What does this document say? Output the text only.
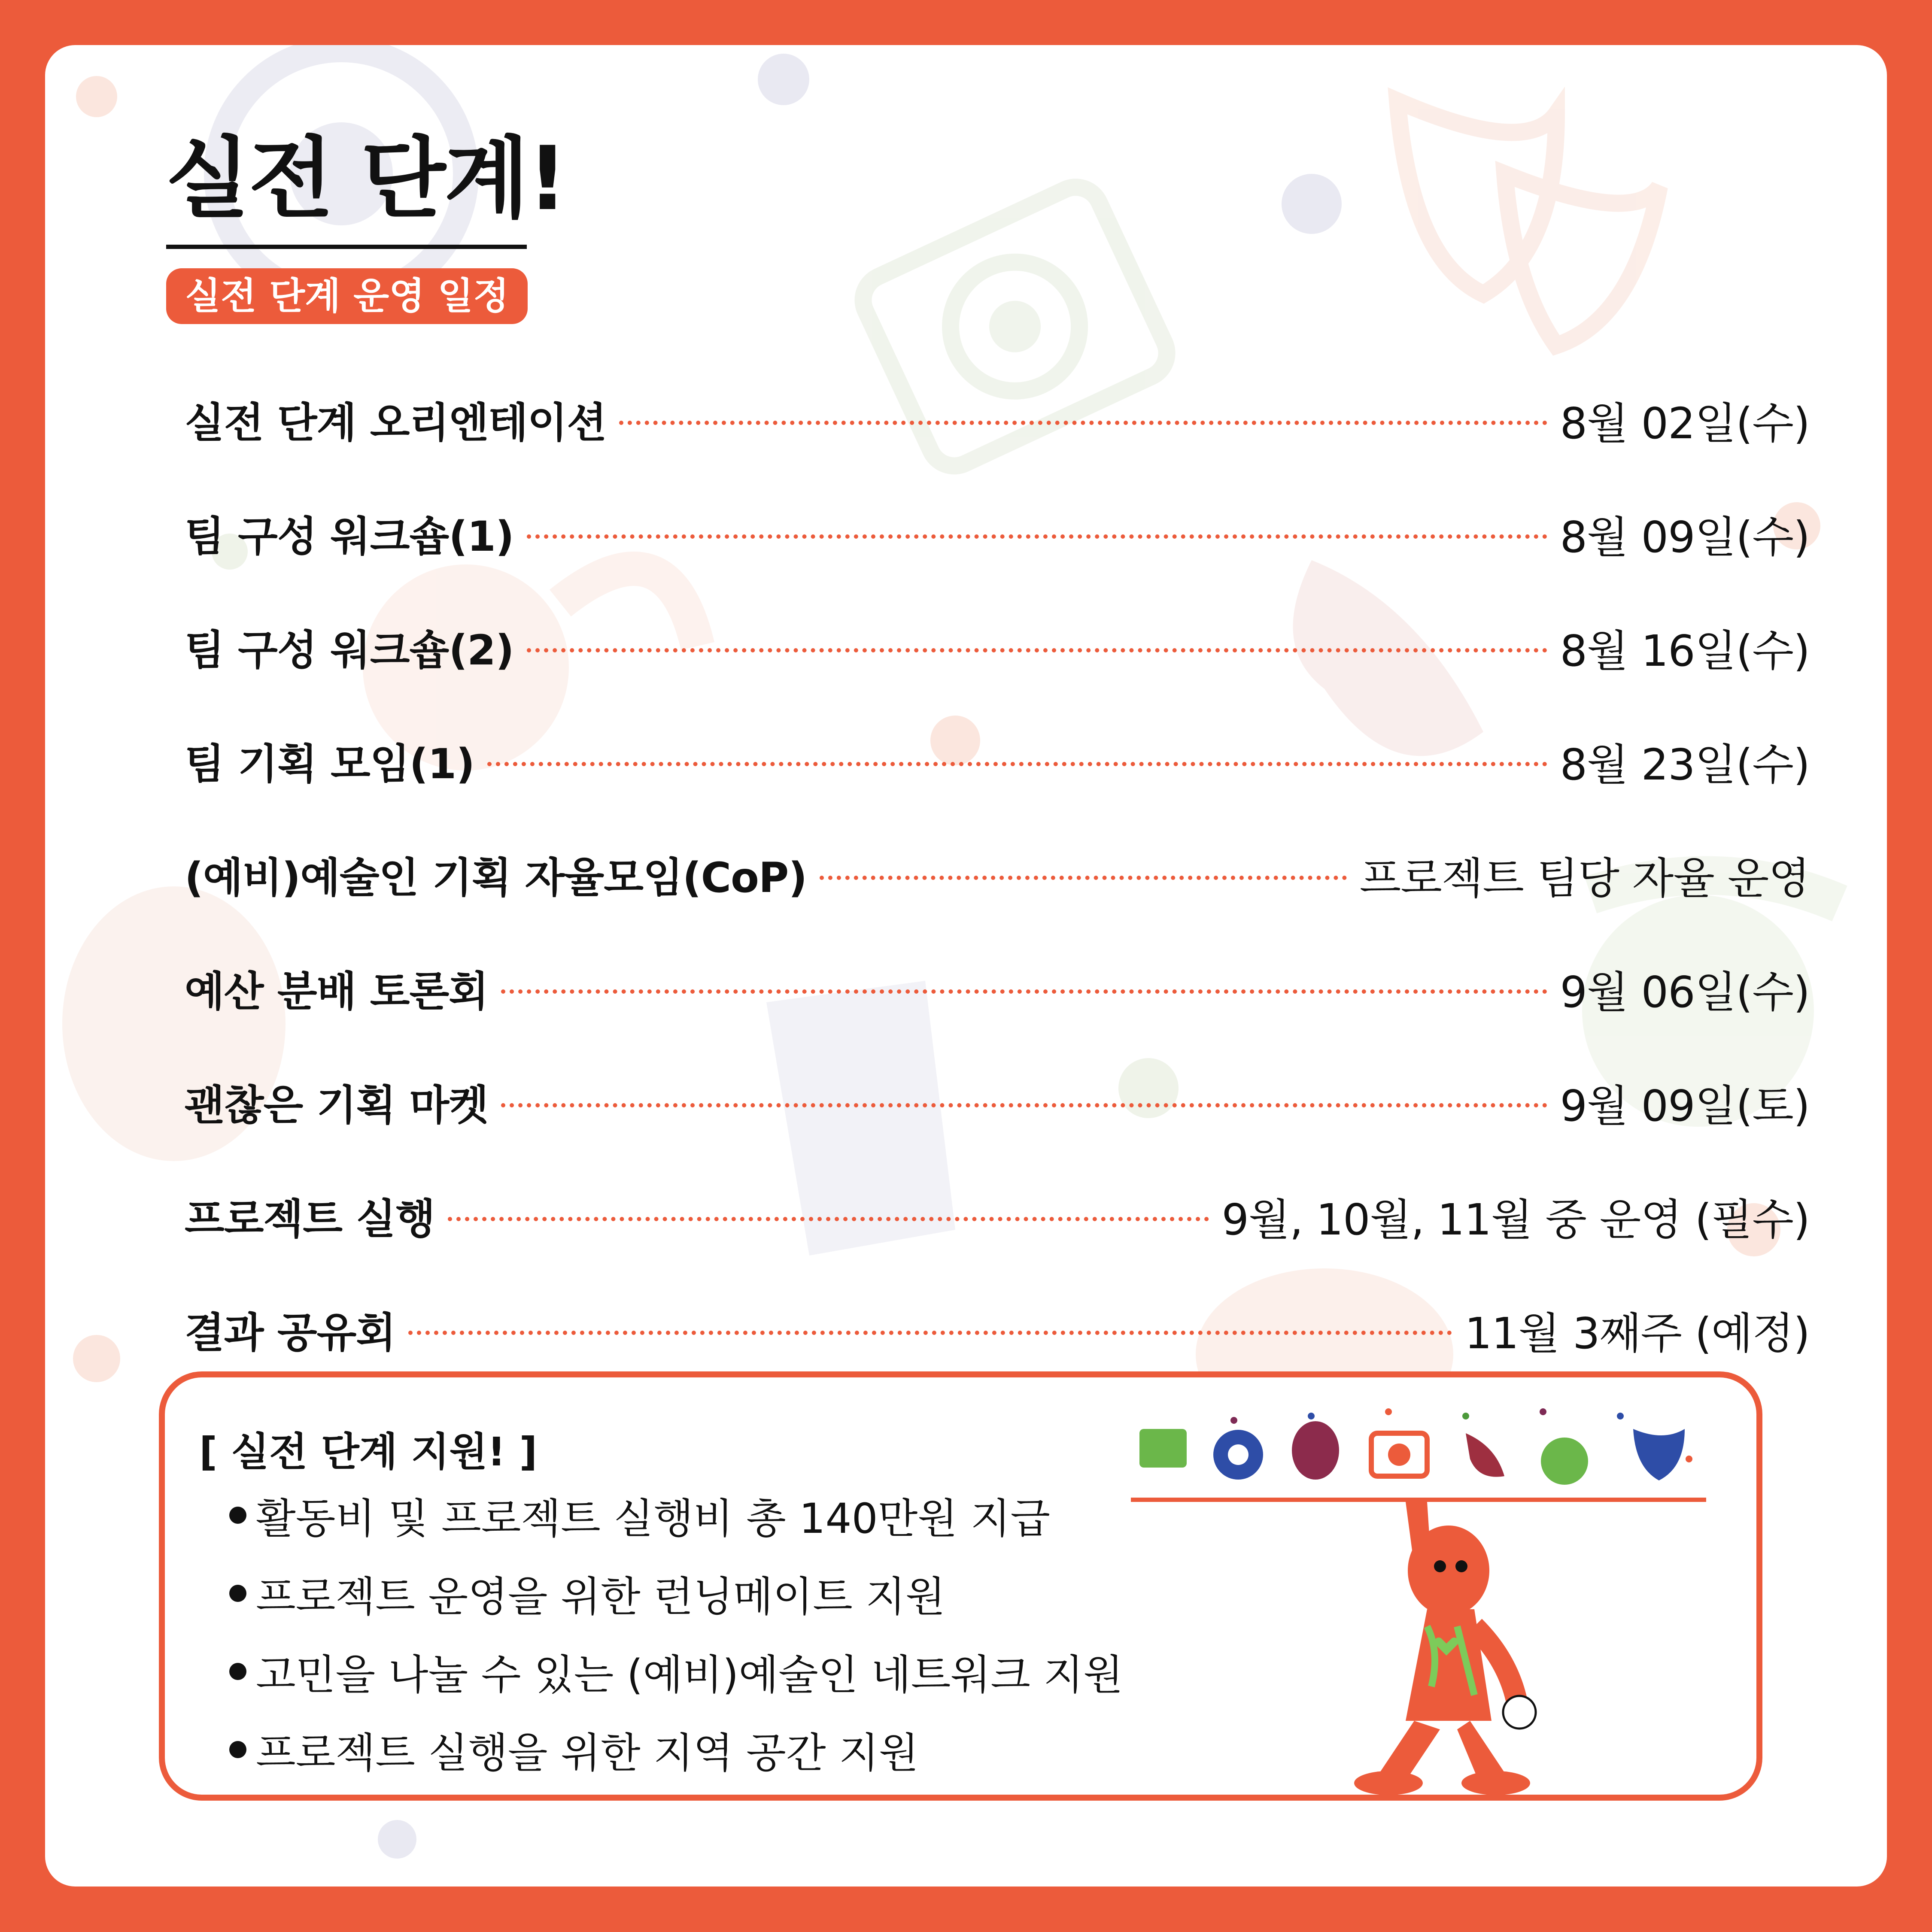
실전 단계!
실전 단계 운영 일정
실전 단계 오리엔테이션	8월 02일(수)
팀 구성 워크숍(1)	8월 09일(수)
팀 구성 워크숍(2)	8월 16일(수)
팀 기획 모임(1)	8월 23일(수)
(예비)예술인 기획 자율모임(CoP)	프로젝트 팀당 자율 운영
예산 분배 토론회	9월 06일(수)
괜찮은 기획 마켓	9월 09일(토)
프로젝트 실행	9월, 10월, 11월 중 운영 (필수)
결과 공유회	11월 3째주 (예정)
[ 실전 단계 지원! ]
활동비 및 프로젝트 실행비 총 140만원 지급
프로젝트 운영을 위한 런닝메이트 지원
고민을 나눌 수 있는 (예비)예술인 네트워크 지원
프로젝트 실행을 위한 지역 공간 지원
